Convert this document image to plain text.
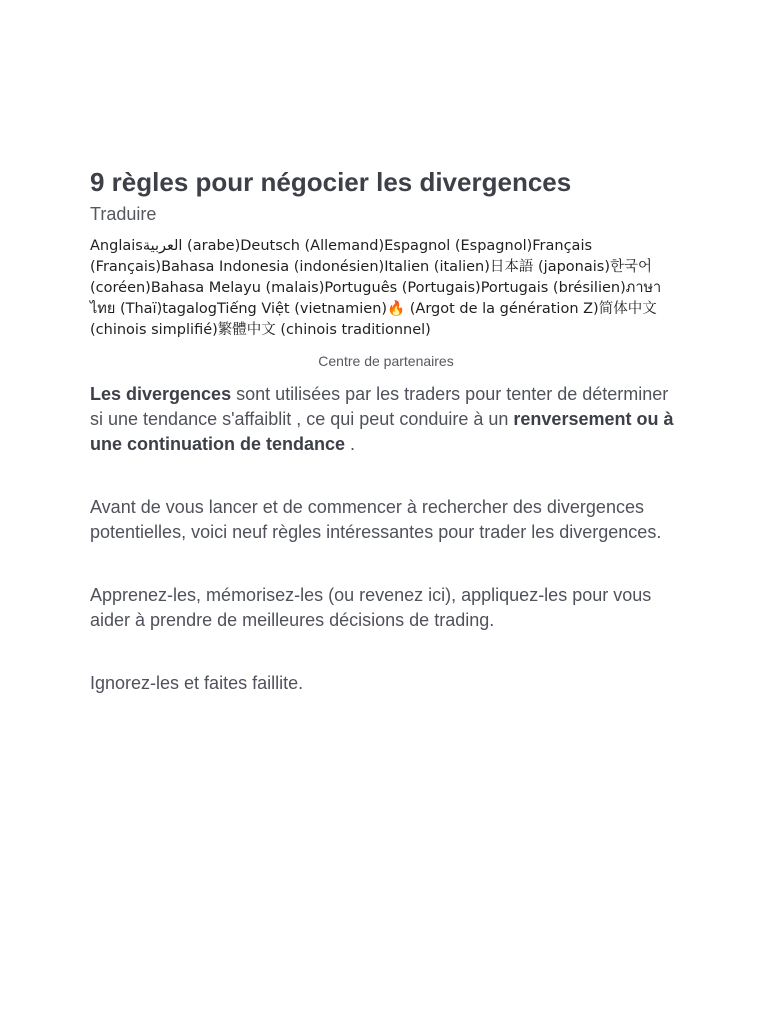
9 règles pour négocier les divergences
Traduire
Anglaisالعربية (arabe)Deutsch (Allemand)Espagnol (Espagnol)Français (Français)Bahasa Indonesia (indonésien)Italien (italien)日本語 (japonais)한국어 (coréen)Bahasa Melayu (malais)Português (Portugais)Portugais (brésilien)ภาษาไทย (Thaï)tagalogTiếng Việt (vietnamien)🔥 (Argot de la génération Z)简体中文 (chinois simplifié)繁體中文 (chinois traditionnel)
Centre de partenaires

Les divergences sont utilisées par les traders pour tenter de déterminer si une tendance s'affaiblit , ce qui peut conduire à un renversement ou à une continuation de tendance .

Avant de vous lancer et de commencer à rechercher des divergences potentielles, voici neuf règles intéressantes pour trader les divergences.

Apprenez-les, mémorisez-les (ou revenez ici), appliquez-les pour vous aider à prendre de meilleures décisions de trading.

Ignorez-les et faites faillite.
